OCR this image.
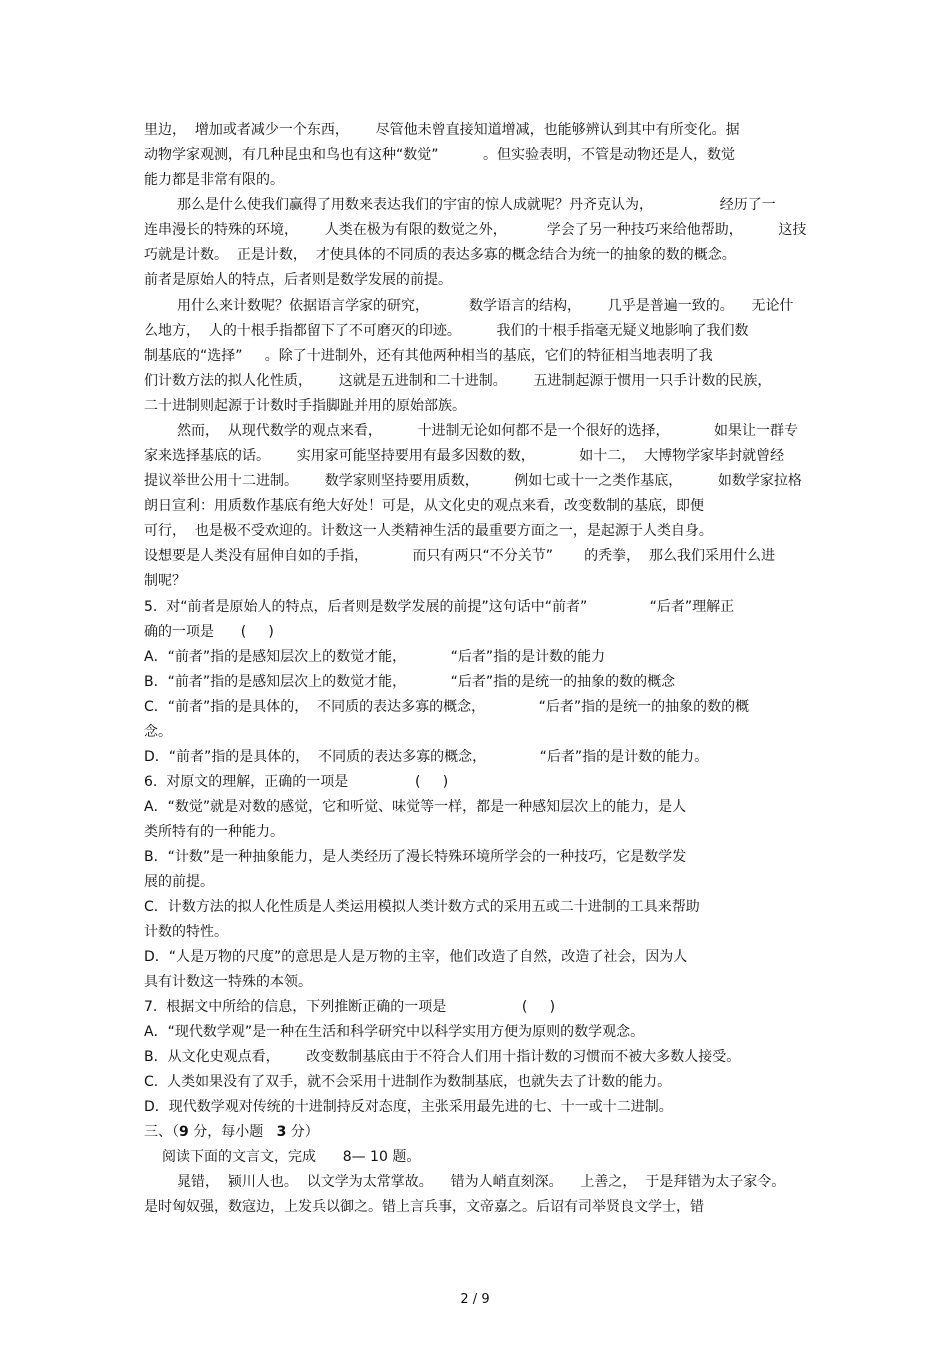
里边，  增加或者减少一个东西，      尽管他未曾直接知道增减，也能够辨认到其中有所变化。据
动物学家观测，有几种昆虫和鸟也有这种“数觉”          。但实验表明，不管是动物还是人，数觉
能力都是非常有限的。
那么是什么使我们赢得了用数来表达我们的宇宙的惊人成就呢？丹齐克认为，               经历了一
连串漫长的特殊的环境，      人类在极为有限的数觉之外，         学会了另一种技巧来给他帮助，        这技
巧就是计数。  正是计数，  才使具体的不同质的表达多寡的概念结合为统一的抽象的数的概念。
前者是原始人的特点，后者则是数学发展的前提。
用什么来计数呢？依据语言学家的研究，         数学语言的结构，      几乎是普遍一致的。    无论什
么地方，  人的十根手指都留下了不可磨灭的印迹。        我们的十根手指毫无疑义地影响了我们数
制基底的“选择”     。除了十进制外，还有其他两种相当的基底，它们的特征相当地表明了我
们计数方法的拟人化性质，      这就是五进制和二十进制。      五进制起源于惯用一只手计数的民族，
二十进制则起源于计数时手指脚趾并用的原始部族。
然而，  从现代数学的观点来看，        十进制无论如何都不是一个很好的选择，          如果让一群专
家来选择基底的话。      实用家可能坚持要用有最多因数的数，          如十二，  大博物学家毕封就曾经
提议举世公用十二进制。      数学家则坚持要用质数，        例如七或十一之类作基底，        如数学家拉格
朗日宣利：用质数作基底有绝大好处！可是，从文化史的观点来看，改变数制的基底，即便
可行，  也是极不受欢迎的。计数这一人类精神生活的最重要方面之一，是起源于人类自身。
设想要是人类没有屈伸自如的手指，          而只有两只“不分关节”       的秃拳，  那么我们采用什么进
制呢？
5.  对“前者是原始人的特点，后者则是数学发展的前提”这句话中“前者”              “后者”理解正
确的一项是      (     )
A．“前者”指的是感知层次上的数觉才能，          “后者”指的是计数的能力
B．“前者”指的是感知层次上的数觉才能，          “后者”指的是统一的抽象的数的概念
C．“前者”指的是具体的，  不同质的表达多寡的概念，            “后者”指的是统一的抽象的数的概
念。
D．“前者”指的是具体的，  不同质的表达多寡的概念，            “后者”指的是计数的能力。
6.  对原文的理解，正确的一项是               (     )
A．“数觉”就是对数的感觉，它和听觉、味觉等一样，都是一种感知层次上的能力，是人
类所特有的一种能力。
B．“计数”是一种抽象能力，是人类经历了漫长特殊环境所学会的一种技巧，它是数学发
展的前提。
C．计数方法的拟人化性质是人类运用模拟人类计数方式的采用五或二十进制的工具来帮助
计数的特性。
D．“人是万物的尺度”的意思是人是万物的主宰，他们改造了自然，改造了社会，因为人
具有计数这一特殊的本领。
7.  根据文中所给的信息，下列推断正确的一项是                 (     )
A．“现代数学观”是一种在生活和科学研究中以科学实用方便为原则的数学观念。
B．从文化史观点看，      改变数制基底由于不符合人们用十指计数的习惯而不被大多数人接受。
C.  人类如果没有了双手，就不会采用十进制作为数制基底，也就失去了计数的能力。
D．现代数学观对传统的十进制持反对态度，主张采用最先进的七、十一或十二进制。
三、（9 分，每小题   3 分）
阅读下面的文言文，完成      8— 10 题。
晁错，  颍川人也。  以文学为太常掌故。    错为人峭直刻深。    上善之，  于是拜错为太子家令。
是时匈奴强，数寇边，上发兵以御之。错上言兵事，文帝嘉之。后诏有司举贤良文学士，错
2 / 9
